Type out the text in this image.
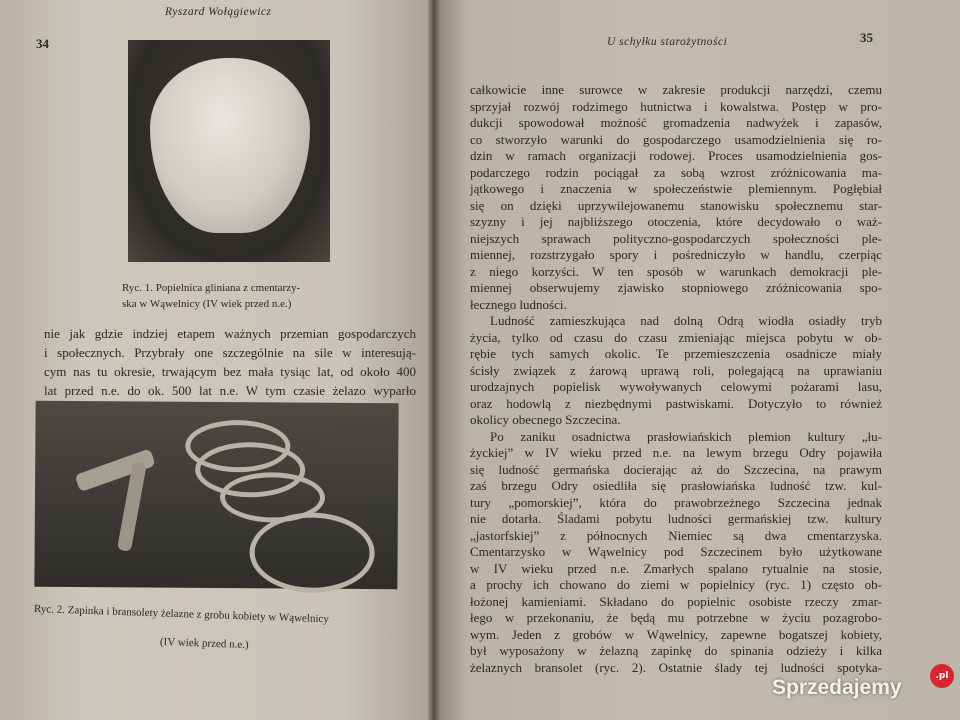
34
Ryszard Wołągiewicz
Ryc. 1. Popielnica gliniana z cmentarzy-
ska w Wąwelnicy (IV wiek przed n.e.)
nie jak gdzie indziej etapem ważnych przemian gospodarczych
i społecznych. Przybrały one szczególnie na sile w interesują-
cym nas tu okresie, trwającym bez mała tysiąc lat, od około 400
lat przed n.e. do ok. 500 lat n.e. W tym czasie żelazo wyparło
Ryc. 2. Zapinka i bransolety żelazne z grobu kobiety w Wąwelnicy
(IV wiek przed n.e.)
U schyłku starożytności	35
całkowicie inne surowce w zakresie produkcji narzędzi, czemu
sprzyjał rozwój rodzimego hutnictwa i kowalstwa. Postęp w pro-
dukcji spowodował możność gromadzenia nadwyżek i zapasów,
co stworzyło warunki do gospodarczego usamodzielnienia się ro-
dzin w ramach organizacji rodowej. Proces usamodzielnienia gos-
podarczego rodzin pociągał za sobą wzrost zróżnicowania ma-
jątkowego i znaczenia w społeczeństwie plemiennym. Pogłębiał
się on dzięki uprzywilejowanemu stanowisku społecznemu star-
szyzny i jej najbliższego otoczenia, które decydowało o waż-
niejszych sprawach polityczno-gospodarczych społeczności ple-
miennej, rozstrzygało spory i pośredniczyło w handlu, czerpiąc
z niego korzyści. W ten sposób w warunkach demokracji ple-
miennej obserwujemy zjawisko stopniowego zróżnicowania spo-
łecznego ludności.
Ludność zamieszkująca nad dolną Odrą wiodła osiadły tryb
życia, tylko od czasu do czasu zmieniając miejsca pobytu w ob-
rębie tych samych okolic. Te przemieszczenia osadnicze miały
ścisły związek z żarową uprawą roli, polegającą na uprawianiu
urodzajnych popielisk wywoływanych celowymi pożarami lasu,
oraz hodowlą z niezbędnymi pastwiskami. Dotyczyło to również
okolicy obecnego Szczecina.
Po zaniku osadnictwa prasłowiańskich plemion kultury „łu-
życkiej” w IV wieku przed n.e. na lewym brzegu Odry pojawiła
się ludność germańska docierając aż do Szczecina, na prawym
zaś brzegu Odry osiedliła się prasłowiańska ludność tzw. kul-
tury „pomorskiej”, która do prawobrzeżnego Szczecina jednak
nie dotarła. Śladami pobytu ludności germańskiej tzw. kultury
„jastorfskiej” z północnych Niemiec są dwa cmentarzyska.
Cmentarzysko w Wąwelnicy pod Szczecinem było użytkowane
w IV wieku przed n.e. Zmarłych spalano rytualnie na stosie,
a prochy ich chowano do ziemi w popielnicy (ryc. 1) często ob-
łożonej kamieniami. Składano do popielnic osobiste rzeczy zmar-
łego w przekonaniu, że będą mu potrzebne w życiu pozagrobo-
wym. Jeden z grobów w Wąwelnicy, zapewne bogatszej kobiety,
był wyposażony w żelazną zapinkę do spinania odzieży i kilka
żelaznych bransolet (ryc. 2). Ostatnie ślady tej ludności spotyka-
Sprzedajemy	.pl
